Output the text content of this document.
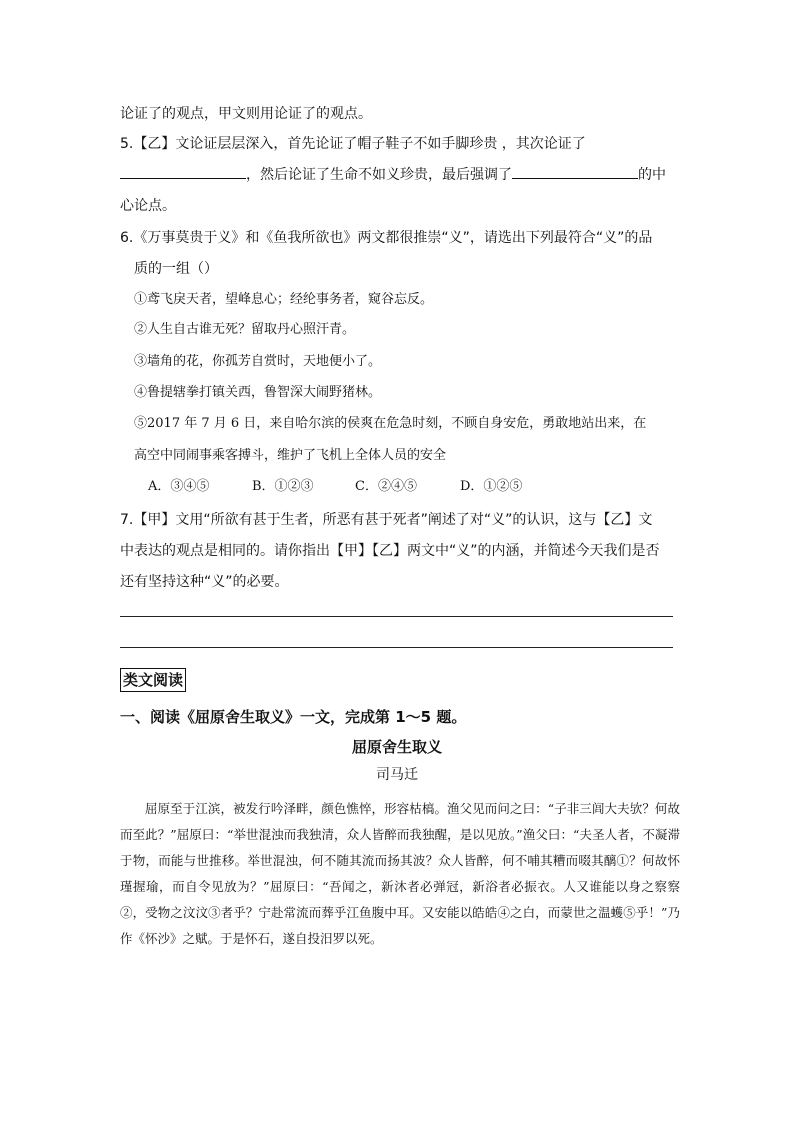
论证了的观点，甲文则用论证了的观点。
5.【乙】文论证层层深入，首先论证了帽子鞋子不如手脚珍贵 ，其次论证了
，然后论证了生命不如义珍贵，最后强调了	的中
心论点。
6.《万事莫贵于义》和《鱼我所欲也》两文都很推崇“义”，请选出下列最符合“义”的品
质的一组（）
①鸢飞戾天者，望峰息心；经纶事务者，窥谷忘反。
②人生自古谁无死？留取丹心照汗青。
③墙角的花，你孤芳自赏时，天地便小了。
④鲁提辖拳打镇关西，鲁智深大闹野猪林。
⑤2017 年 7 月 6 日，来自哈尔滨的侯爽在危急时刻，不顾自身安危，勇敢地站出来，在
高空中同闹事乘客搏斗，维护了飞机上全体人员的安全
A．③④⑤	B．①②③	C．②④⑤	D．①②⑤
7.【甲】文用“所欲有甚于生者，所恶有甚于死者”阐述了对“义”的认识，这与【乙】文
中表达的观点是相同的。请你指出【甲】【乙】两文中“义”的内涵，并简述今天我们是否
还有坚持这种“义”的必要。
类文阅读
一、阅读《屈原舍生取义》一文，完成第 1～5 题。
屈原舍生取义
司马迁

屈原至于江滨，被发行吟泽畔，颜色憔悴，形容枯槁。渔父见而问之曰：“子非三闾大夫欤？何故而至此？”屈原曰：“举世混浊而我独清，众人皆醉而我独醒，是以见放。”渔父曰：“夫圣人者，不凝滞于物，而能与世推移。举世混浊，何不随其流而扬其波？众人皆醉，何不哺其糟而啜其醨①？何故怀瑾握瑜，而自令见放为？”屈原曰：“吾闻之，新沐者必弹冠，新浴者必振衣。人又谁能以身之察察②，受物之汶汶③者乎？宁赴常流而葬乎江鱼腹中耳。又安能以皓皓④之白，而蒙世之温蠖⑤乎！”乃作《怀沙》之赋。于是怀石，遂自投汨罗以死。
